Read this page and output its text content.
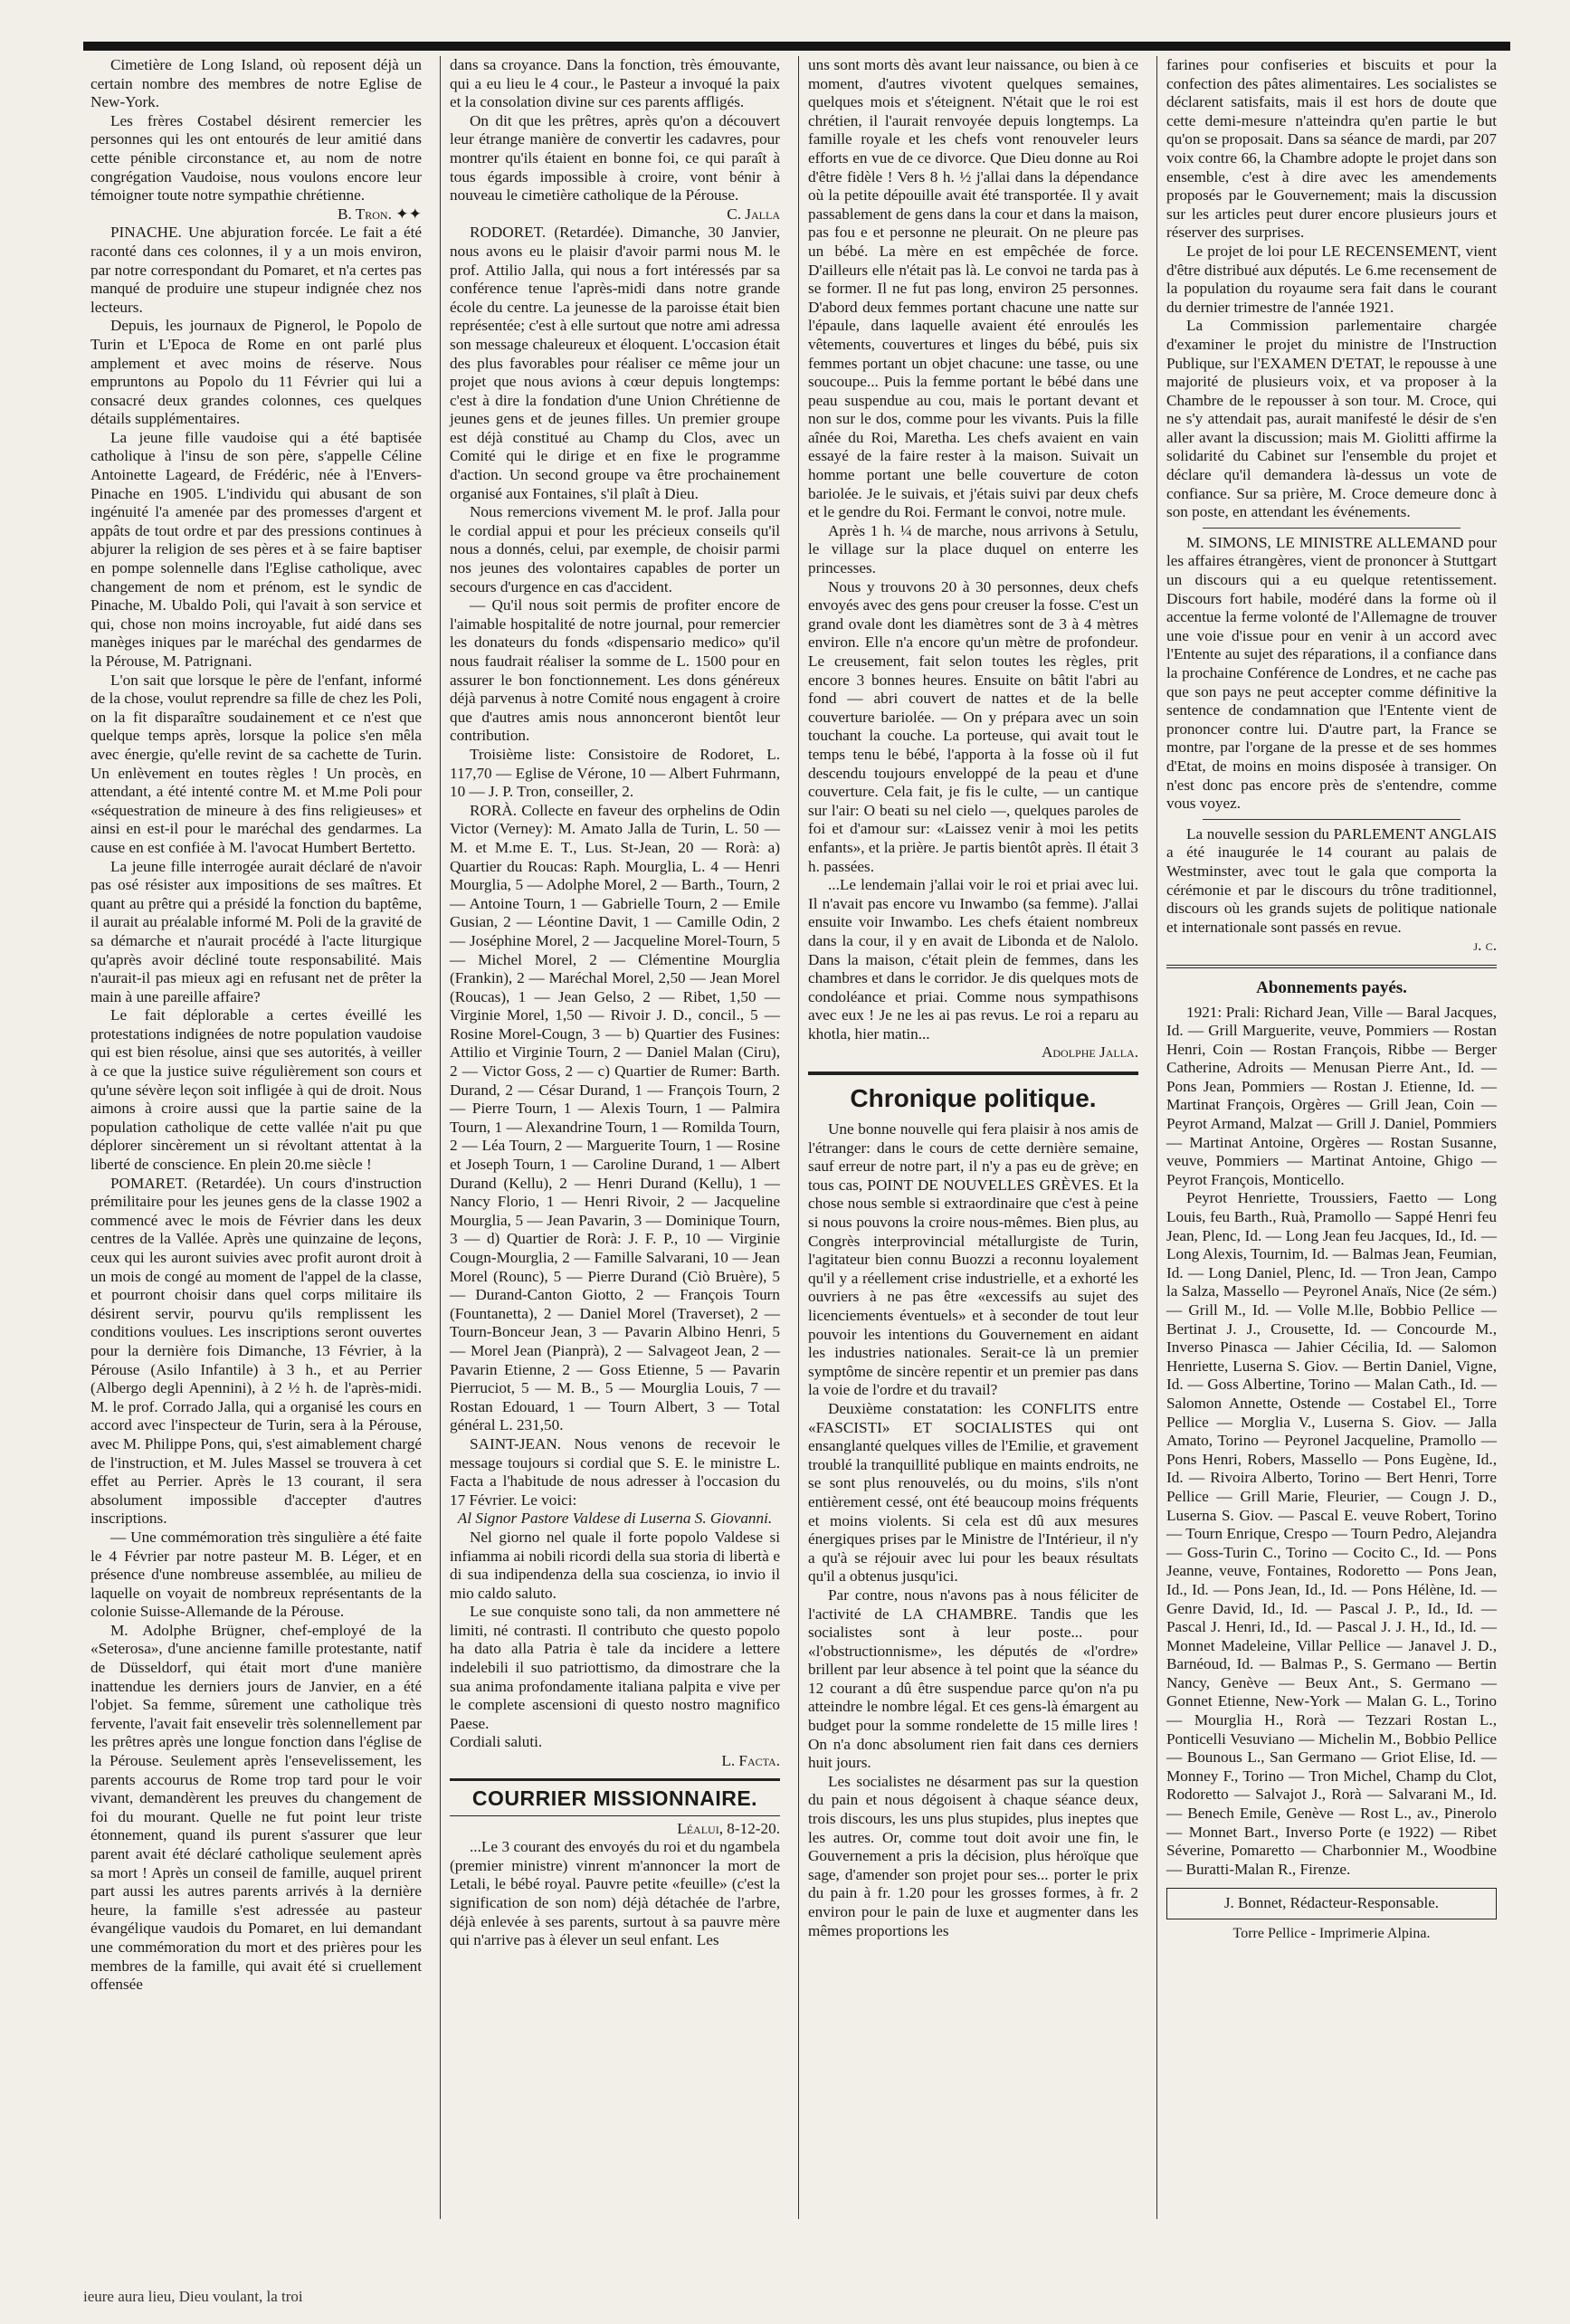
Cimetière de Long Island, où reposent déjà un certain nombre des membres de notre Eglise de New-York.

Les frères Costabel désirent remercier les personnes qui les ont entourés de leur amitié dans cette pénible circonstance et, au nom de notre congrégation Vaudoise, nous voulons encore leur témoigner toute notre sympathie chrétienne.

B. Tron. ✦✦

PINACHE. Une abjuration forcée. Le fait a été raconté dans ces colonnes, il y a un mois environ, par notre correspondant du Pomaret, et n'a certes pas manqué de produire une stupeur indignée chez nos lecteurs.

Depuis, les journaux de Pignerol, le Popolo de Turin et L'Epoca de Rome en ont parlé plus amplement et avec moins de réserve. Nous empruntons au Popolo du 11 Février qui lui a consacré deux grandes colonnes, ces quelques détails supplémentaires.

La jeune fille vaudoise qui a été baptisée catholique à l'insu de son père, s'appelle Céline Antoinette Lageard, de Frédéric, née à l'Envers-Pinache en 1905. L'individu qui abusant de son ingénuité l'a amenée par des promesses d'argent et appâts de tout ordre et par des pressions continues à abjurer la religion de ses pères et à se faire baptiser en pompe solennelle dans l'Eglise catholique, avec changement de nom et prénom, est le syndic de Pinache, M. Ubaldo Poli, qui l'avait à son service et qui, chose non moins incroyable, fut aidé dans ses manèges iniques par le maréchal des gendarmes de la Pérouse, M. Patrignani.

L'on sait que lorsque le père de l'enfant, informé de la chose, voulut reprendre sa fille de chez les Poli, on la fit disparaître soudainement et ce n'est que quelque temps après, lorsque la police s'en mêla avec énergie, qu'elle revint de sa cachette de Turin. Un enlèvement en toutes règles ! Un procès, en attendant, a été intenté contre M. et M.me Poli pour «séquestration de mineure à des fins religieuses» et ainsi en est-il pour le maréchal des gendarmes. La cause en est confiée à M. l'avocat Humbert Bertetto.

La jeune fille interrogée aurait déclaré de n'avoir pas osé résister aux impositions de ses maîtres. Et quant au prêtre qui a présidé la fonction du baptême, il aurait au préalable informé M. Poli de la gravité de sa démarche et n'aurait procédé à l'acte liturgique qu'après avoir décliné toute responsabilité. Mais n'aurait-il pas mieux agi en refusant net de prêter la main à une pareille affaire?

Le fait déplorable a certes éveillé les protestations indignées de notre population vaudoise qui est bien résolue, ainsi que ses autorités, à veiller à ce que la justice suive régulièrement son cours et qu'une sévère leçon soit infligée à qui de droit. Nous aimons à croire aussi que la partie saine de la population catholique de cette vallée n'ait pu que déplorer sincèrement un si révoltant attentat à la liberté de conscience. En plein 20.me siècle !

POMARET. (Retardée). Un cours d'instruction prémilitaire pour les jeunes gens de la classe 1902 a commencé avec le mois de Février dans les deux centres de la Vallée. Après une quinzaine de leçons, ceux qui les auront suivies avec profit auront droit à un mois de congé au moment de l'appel de la classe, et pourront choisir dans quel corps militaire ils désirent servir, pourvu qu'ils remplissent les conditions voulues. Les inscriptions seront ouvertes pour la dernière fois Dimanche, 13 Février, à la Pérouse (Asilo Infantile) à 3 h., et au Perrier (Albergo degli Apennini), à 2 ½ h. de l'après-midi. M. le prof. Corrado Jalla, qui a organisé les cours en accord avec l'inspecteur de Turin, sera à la Pérouse, avec M. Philippe Pons, qui, s'est aimablement chargé de l'instruction, et M. Jules Massel se trouvera à cet effet au Perrier. Après le 13 courant, il sera absolument impossible d'accepter d'autres inscriptions.

— Une commémoration très singulière a été faite le 4 Février par notre pasteur M. B. Léger, et en présence d'une nombreuse assemblée, au milieu de laquelle on voyait de nombreux représentants de la colonie Suisse-Allemande de la Pérouse.

M. Adolphe Brügner, chef-employé de la «Seterosa», d'une ancienne famille protestante, natif de Düsseldorf, qui était mort d'une manière inattendue les derniers jours de Janvier, en a été l'objet. Sa femme, sûrement une catholique très fervente, l'avait fait ensevelir très solennellement par les prêtres après une longue fonction dans l'église de la Pérouse. Seulement après l'ensevelissement, les parents accourus de Rome trop tard pour le voir vivant, demandèrent les preuves du changement de foi du mourant. Quelle ne fut point leur triste étonnement, quand ils purent s'assurer que leur parent avait été déclaré catholique seulement après sa mort ! Après un conseil de famille, auquel prirent part aussi les autres parents arrivés à la dernière heure, la famille s'est adressée au pasteur évangélique vaudois du Pomaret, en lui demandant une commémoration du mort et des prières pour les membres de la famille, qui avait été si cruellement offensée

dans sa croyance. Dans la fonction, très émouvante, qui a eu lieu le 4 cour., le Pasteur a invoqué la paix et la consolation divine sur ces parents affligés.

On dit que les prêtres, après qu'on a découvert leur étrange manière de convertir les cadavres, pour montrer qu'ils étaient en bonne foi, ce qui paraît à tous égards impossible à croire, vont bénir à nouveau le cimetière catholique de la Pérouse.

C. Jalla

RODORET. (Retardée). Dimanche, 30 Janvier, nous avons eu le plaisir d'avoir parmi nous M. le prof. Attilio Jalla, qui nous a fort intéressés par sa conférence tenue l'après-midi dans notre grande école du centre. La jeunesse de la paroisse était bien représentée; c'est à elle surtout que notre ami adressa son message chaleureux et éloquent. L'occasion était des plus favorables pour réaliser ce même jour un projet que nous avions à cœur depuis longtemps: c'est à dire la fondation d'une Union Chrétienne de jeunes gens et de jeunes filles. Un premier groupe est déjà constitué au Champ du Clos, avec un Comité qui le dirige et en fixe le programme d'action. Un second groupe va être prochainement organisé aux Fontaines, s'il plaît à Dieu.

Nous remercions vivement M. le prof. Jalla pour le cordial appui et pour les précieux conseils qu'il nous a donnés, celui, par exemple, de choisir parmi nos jeunes des volontaires capables de porter un secours d'urgence en cas d'accident.

— Qu'il nous soit permis de profiter encore de l'aimable hospitalité de notre journal, pour remercier les donateurs du fonds «dispensario medico» qu'il nous faudrait réaliser la somme de L. 1500 pour en assurer le bon fonctionnement. Les dons généreux déjà parvenus à notre Comité nous engagent à croire que d'autres amis nous annonceront bientôt leur contribution.

Troisième liste: Consistoire de Rodoret, L. 117,70 — Eglise de Vérone, 10 — Albert Fuhrmann, 10 — J. P. Tron, conseiller, 2.

RORÀ. Collecte en faveur des orphelins de Odin Victor (Verney): M. Amato Jalla de Turin, L. 50 — M. et M.me E. T., Lus. St-Jean, 20 — Rorà: a) Quartier du Roucas: Raph. Mourglia, L. 4 — Henri Mourglia, 5 — Adolphe Morel, 2 — Barth., Tourn, 2 — Antoine Tourn, 1 — Gabrielle Tourn, 2 — Emile Gusian, 2 — Léontine Davit, 1 — Camille Odin, 2 — Joséphine Morel, 2 — Jacqueline Morel-Tourn, 5 — Michel Morel, 2 — Clémentine Mourglia (Frankin), 2 — Maréchal Morel, 2,50 — Jean Morel (Roucas), 1 — Jean Gelso, 2 — Ribet, 1,50 — Virginie Morel, 1,50 — Rivoir J. D., concil., 5 — Rosine Morel-Cougn, 3 — b) Quartier des Fusines: Attilio et Virginie Tourn, 2 — Daniel Malan (Ciru), 2 — Victor Goss, 2 — c) Quartier de Rumer: Barth. Durand, 2 — César Durand, 1 — François Tourn, 2 — Pierre Tourn, 1 — Alexis Tourn, 1 — Palmira Tourn, 1 — Alexandrine Tourn, 1 — Romilda Tourn, 2 — Léa Tourn, 2 — Marguerite Tourn, 1 — Rosine et Joseph Tourn, 1 — Caroline Durand, 1 — Albert Durand (Kellu), 2 — Henri Durand (Kellu), 1 — Nancy Florio, 1 — Henri Rivoir, 2 — Jacqueline Mourglia, 5 — Jean Pavarin, 3 — Dominique Tourn, 3 — d) Quartier de Rorà: J. F. P., 10 — Virginie Cougn-Mourglia, 2 — Famille Salvarani, 10 — Jean Morel (Rounc), 5 — Pierre Durand (Ciò Bruère), 5 — Durand-Canton Giotto, 2 — François Tourn (Fountanetta), 2 — Daniel Morel (Traverset), 2 — Tourn-Bonceur Jean, 3 — Pavarin Albino Henri, 5 — Morel Jean (Pianprà), 2 — Salvageot Jean, 2 — Pavarin Etienne, 2 — Goss Etienne, 5 — Pavarin Pierruciot, 5 — M. B., 5 — Mourglia Louis, 7 — Rostan Edouard, 1 — Tourn Albert, 3 — Total général L. 231,50.

SAINT-JEAN. Nous venons de recevoir le message toujours si cordial que S. E. le ministre L. Facta a l'habitude de nous adresser à l'occasion du 17 Février. Le voici:

Al Signor Pastore Valdese di Luserna S. Giovanni.

Nel giorno nel quale il forte popolo Valdese si infiamma ai nobili ricordi della sua storia di libertà e di sua indipendenza della sua coscienza, io invio il mio caldo saluto.

Le sue conquiste sono tali, da non ammettere né limiti, né contrasti. Il contributo che questo popolo ha dato alla Patria è tale da incidere a lettere indelebili il suo patriottismo, da dimostrare che la sua anima profondamente italiana palpita e vive per le complete ascensioni di questo nostro magnifico Paese.

Cordiali saluti.

L. Facta.

COURRIER MISSIONNAIRE.

Léalui, 8-12-20.

...Le 3 courant des envoyés du roi et du ngambela (premier ministre) vinrent m'annoncer la mort de Letali, le bébé royal. Pauvre petite «feuille» (c'est la signification de son nom) déjà détachée de l'arbre, déjà enlevée à ses parents, surtout à sa pauvre mère qui n'arrive pas à élever un seul enfant. Les

uns sont morts dès avant leur naissance, ou bien à ce moment, d'autres vivotent quelques semaines, quelques mois et s'éteignent. N'était que le roi est chrétien, il l'aurait renvoyée depuis longtemps. La famille royale et les chefs vont renouveler leurs efforts en vue de ce divorce. Que Dieu donne au Roi d'être fidèle ! Vers 8 h. ½ j'allai dans la dépendance où la petite dépouille avait été transportée. Il y avait passablement de gens dans la cour et dans la maison, pas fou e et personne ne pleurait. On ne pleure pas un bébé. La mère en est empêchée de force. D'ailleurs elle n'était pas là. Le convoi ne tarda pas à se former. Il ne fut pas long, environ 25 personnes. D'abord deux femmes portant chacune une natte sur l'épaule, dans laquelle avaient été enroulés les vêtements, couvertures et linges du bébé, puis six femmes portant un objet chacune: une tasse, ou une soucoupe... Puis la femme portant le bébé dans une peau suspendue au cou, mais le portant devant et non sur le dos, comme pour les vivants. Puis la fille aînée du Roi, Maretha. Les chefs avaient en vain essayé de la faire rester à la maison. Suivait un homme portant une belle couverture de coton bariolée. Je le suivais, et j'étais suivi par deux chefs et le gendre du Roi. Fermant le convoi, notre mule.

Après 1 h. ¼ de marche, nous arrivons à Setulu, le village sur la place duquel on enterre les princesses.

Nous y trouvons 20 à 30 personnes, deux chefs envoyés avec des gens pour creuser la fosse. C'est un grand ovale dont les diamètres sont de 3 à 4 mètres environ. Elle n'a encore qu'un mètre de profondeur. Le creusement, fait selon toutes les règles, prit encore 3 bonnes heures. Ensuite on bâtit l'abri au fond — abri couvert de nattes et de la belle couverture bariolée. — On y prépara avec un soin touchant la couche. La porteuse, qui avait tout le temps tenu le bébé, l'apporta à la fosse où il fut descendu toujours enveloppé de la peau et d'une couverture. Cela fait, je fis le culte, — un cantique sur l'air: O beati su nel cielo —, quelques paroles de foi et d'amour sur: «Laissez venir à moi les petits enfants», et la prière. Je partis bientôt après. Il était 3 h. passées.

...Le lendemain j'allai voir le roi et priai avec lui. Il n'avait pas encore vu Inwambo (sa femme). J'allai ensuite voir Inwambo. Les chefs étaient nombreux dans la cour, il y en avait de Libonda et de Nalolo. Dans la maison, c'était plein de femmes, dans les chambres et dans le corridor. Je dis quelques mots de condoléance et priai. Comme nous sympathisons avec eux ! Je ne les ai pas revus. Le roi a reparu au khotla, hier matin...

Adolphe Jalla.

Chronique politique.

Une bonne nouvelle qui fera plaisir à nos amis de l'étranger: dans le cours de cette dernière semaine, sauf erreur de notre part, il n'y a pas eu de grève; en tous cas, POINT DE NOUVELLES GRÈVES. Et la chose nous semble si extraordinaire que c'est à peine si nous pouvons la croire nous-mêmes. Bien plus, au Congrès interprovincial métallurgiste de Turin, l'agitateur bien connu Buozzi a reconnu loyalement qu'il y a réellement crise industrielle, et a exhorté les ouvriers à ne pas être «excessifs au sujet des licenciements éventuels» et à seconder de tout leur pouvoir les intentions du Gouvernement en aidant les industries nationales. Serait-ce là un premier symptôme de sincère repentir et un premier pas dans la voie de l'ordre et du travail?

Deuxième constatation: les CONFLITS entre «FASCISTI» ET SOCIALISTES qui ont ensanglanté quelques villes de l'Emilie, et gravement troublé la tranquillité publique en maints endroits, ne se sont plus renouvelés, ou du moins, s'ils n'ont entièrement cessé, ont été beaucoup moins fréquents et moins violents. Si cela est dû aux mesures énergiques prises par le Ministre de l'Intérieur, il n'y a qu'à se réjouir avec lui pour les beaux résultats qu'il a obtenus jusqu'ici.

Par contre, nous n'avons pas à nous féliciter de l'activité de LA CHAMBRE. Tandis que les socialistes sont à leur poste... pour «l'obstructionnisme», les députés de «l'ordre» brillent par leur absence à tel point que la séance du 12 courant a dû être suspendue parce qu'on n'a pu atteindre le nombre légal. Et ces gens-là émargent au budget pour la somme rondelette de 15 mille lires ! On n'a donc absolument rien fait dans ces derniers huit jours.

Les socialistes ne désarment pas sur la question du pain et nous dégoisent à chaque séance deux, trois discours, les uns plus stupides, plus ineptes que les autres. Or, comme tout doit avoir une fin, le Gouvernement a pris la décision, plus héroïque que sage, d'amender son projet pour ses... porter le prix du pain à fr. 1.20 pour les grosses formes, à fr. 2 environ pour le pain de luxe et augmenter dans les mêmes proportions les

farines pour confiseries et biscuits et pour la confection des pâtes alimentaires. Les socialistes se déclarent satisfaits, mais il est hors de doute que cette demi-mesure n'atteindra qu'en partie le but qu'on se proposait. Dans sa séance de mardi, par 207 voix contre 66, la Chambre adopte le projet dans son ensemble, c'est à dire avec les amendements proposés par le Gouvernement; mais la discussion sur les articles peut durer encore plusieurs jours et réserver des surprises.

Le projet de loi pour LE RECENSEMENT, vient d'être distribué aux députés. Le 6.me recensement de la population du royaume sera fait dans le courant du dernier trimestre de l'année 1921.

La Commission parlementaire chargée d'examiner le projet du ministre de l'Instruction Publique, sur l'EXAMEN D'ETAT, le repousse à une majorité de plusieurs voix, et va proposer à la Chambre de le repousser à son tour. M. Croce, qui ne s'y attendait pas, aurait manifesté le désir de s'en aller avant la discussion; mais M. Giolitti affirme la solidarité du Cabinet sur l'ensemble du projet et déclare qu'il demandera là-dessus un vote de confiance. Sur sa prière, M. Croce demeure donc à son poste, en attendant les événements.

M. SIMONS, LE MINISTRE ALLEMAND pour les affaires étrangères, vient de prononcer à Stuttgart un discours qui a eu quelque retentissement. Discours fort habile, modéré dans la forme où il accentue la ferme volonté de l'Allemagne de trouver une voie d'issue pour en venir à un accord avec l'Entente au sujet des réparations, il a confiance dans la prochaine Conférence de Londres, et ne cache pas que son pays ne peut accepter comme définitive la sentence de condamnation que l'Entente vient de prononcer contre lui. D'autre part, la France se montre, par l'organe de la presse et de ses hommes d'Etat, de moins en moins disposée à transiger. On n'est donc pas encore près de s'entendre, comme vous voyez.

La nouvelle session du PARLEMENT ANGLAIS a été inaugurée le 14 courant au palais de Westminster, avec tout le gala que comporta la cérémonie et par le discours du trône traditionnel, discours où les grands sujets de politique nationale et internationale sont passés en revue.

j. c.

Abonnements payés.

1921: Prali: Richard Jean, Ville — Baral Jacques, Id. — Grill Marguerite, veuve, Pommiers — Rostan Henri, Coin — Rostan François, Ribbe — Berger Catherine, Adroits — Menusan Pierre Ant., Id. — Pons Jean, Pommiers — Rostan J. Etienne, Id. — Martinat François, Orgères — Grill Jean, Coin — Peyrot Armand, Malzat — Grill J. Daniel, Pommiers — Martinat Antoine, Orgères — Rostan Susanne, veuve, Pommiers — Martinat Antoine, Ghigo — Peyrot François, Monticello.

Peyrot Henriette, Troussiers, Faetto — Long Louis, feu Barth., Ruà, Pramollo — Sappé Henri feu Jean, Plenc, Id. — Long Jean feu Jacques, Id., Id. — Long Alexis, Tournim, Id. — Balmas Jean, Feumian, Id. — Long Daniel, Plenc, Id. — Tron Jean, Campo la Salza, Massello — Peyronel Anaïs, Nice (2e sém.) — Grill M., Id. — Volle M.lle, Bobbio Pellice — Bertinat J. J., Crousette, Id. — Concourde M., Inverso Pinasca — Jahier Cécilia, Id. — Salomon Henriette, Luserna S. Giov. — Bertin Daniel, Vigne, Id. — Goss Albertine, Torino — Malan Cath., Id. — Salomon Annette, Ostende — Costabel El., Torre Pellice — Morglia V., Luserna S. Giov. — Jalla Amato, Torino — Peyronel Jacqueline, Pramollo — Pons Henri, Robers, Massello — Pons Eugène, Id., Id. — Rivoira Alberto, Torino — Bert Henri, Torre Pellice — Grill Marie, Fleurier, — Cougn J. D., Luserna S. Giov. — Pascal E. veuve Robert, Torino — Tourn Enrique, Crespo — Tourn Pedro, Alejandra — Goss-Turin C., Torino — Cocito C., Id. — Pons Jeanne, veuve, Fontaines, Rodoretto — Pons Jean, Id., Id. — Pons Jean, Id., Id. — Pons Hélène, Id. — Genre David, Id., Id. — Pascal J. P., Id., Id. — Pascal J. Henri, Id., Id. — Pascal J. J. H., Id., Id. — Monnet Madeleine, Villar Pellice — Janavel J. D., Barnéoud, Id. — Balmas P., S. Germano — Bertin Nancy, Genève — Beux Ant., S. Germano — Gonnet Etienne, New-York — Malan G. L., Torino — Mourglia H., Rorà — Tezzari Rostan L., Ponticelli Vesuviano — Michelin M., Bobbio Pellice — Bounous L., San Germano — Griot Elise, Id. — Monney F., Torino — Tron Michel, Champ du Clot, Rodoretto — Salvajot J., Rorà — Salvarani M., Id. — Benech Emile, Genève — Rost L., av., Pinerolo — Monnet Bart., Inverso Porte (e 1922) — Ribet Séverine, Pomaretto — Charbonnier M., Woodbine — Buratti-Malan R., Firenze.

J. Bonnet, Rédacteur-Responsable.
Torre Pellice - Imprimerie Alpina.
ieure aura lieu, Dieu voulant, la troi
